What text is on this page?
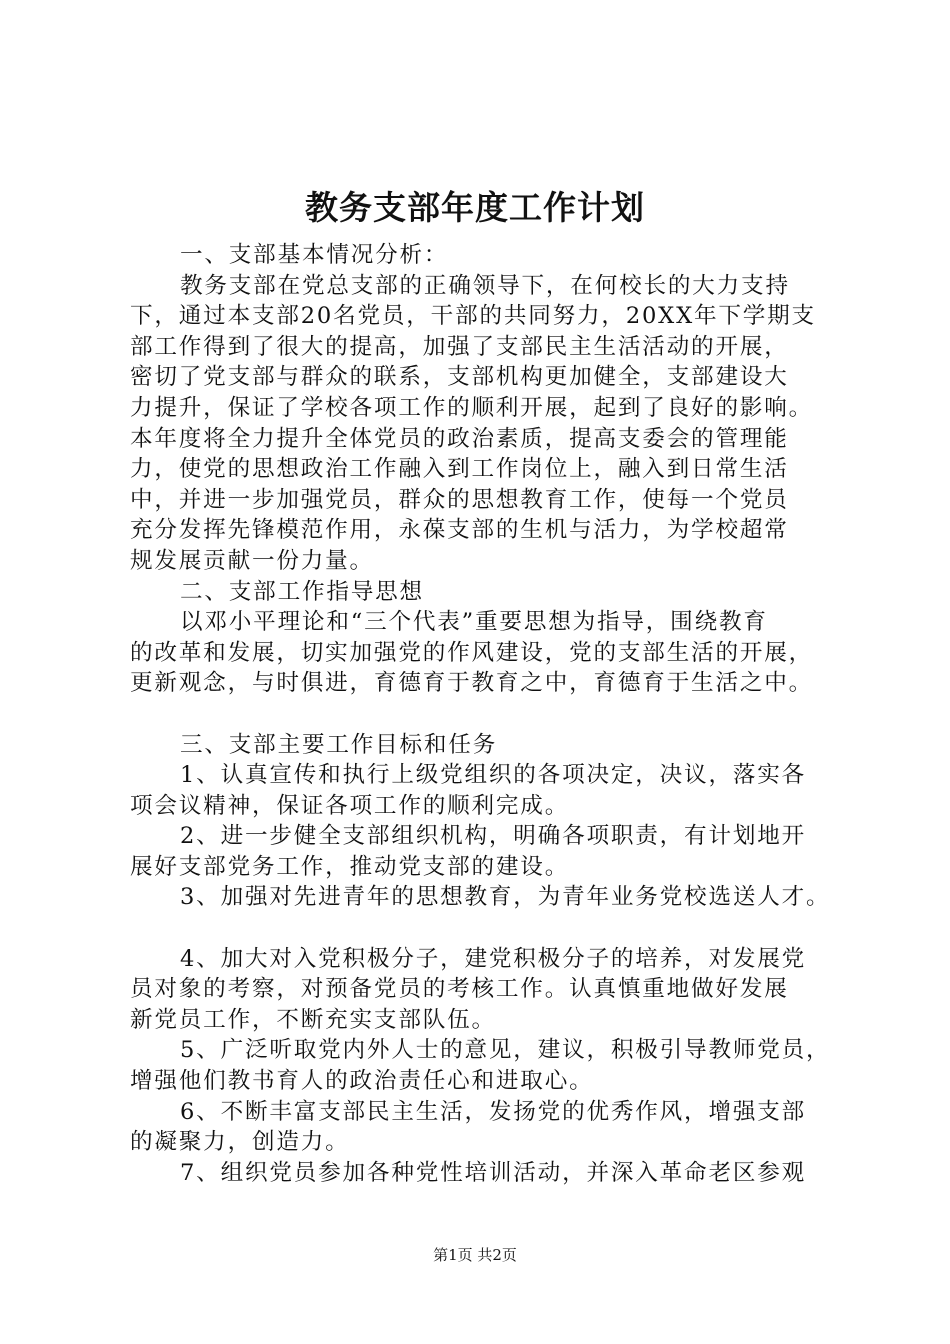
教务支部年度工作计划
一、支部基本情况分析：
教务支部在党总支部的正确领导下，在何校长的大力支持
下，通过本支部20名党员，干部的共同努力，20XX年下学期支
部工作得到了很大的提高，加强了支部民主生活活动的开展，
密切了党支部与群众的联系，支部机构更加健全，支部建设大
力提升，保证了学校各项工作的顺利开展，起到了良好的影响。
本年度将全力提升全体党员的政治素质，提高支委会的管理能
力，使党的思想政治工作融入到工作岗位上，融入到日常生活
中，并进一步加强党员，群众的思想教育工作，使每一个党员
充分发挥先锋模范作用，永葆支部的生机与活力，为学校超常
规发展贡献一份力量。
二、支部工作指导思想
以邓小平理论和“三个代表”重要思想为指导，围绕教育
的改革和发展，切实加强党的作风建设，党的支部生活的开展，
更新观念，与时俱进，育德育于教育之中，育德育于生活之中。
三、支部主要工作目标和任务
1、认真宣传和执行上级党组织的各项决定，决议，落实各
项会议精神，保证各项工作的顺利完成。
2、进一步健全支部组织机构，明确各项职责，有计划地开
展好支部党务工作，推动党支部的建设。
3、加强对先进青年的思想教育，为青年业务党校选送人才。
4、加大对入党积极分子，建党积极分子的培养，对发展党
员对象的考察，对预备党员的考核工作。认真慎重地做好发展
新党员工作，不断充实支部队伍。
5、广泛听取党内外人士的意见，建议，积极引导教师党员，
增强他们教书育人的政治责任心和进取心。
6、不断丰富支部民主生活，发扬党的优秀作风，增强支部
的凝聚力，创造力。
7、组织党员参加各种党性培训活动，并深入革命老区参观
第1页 共2页
